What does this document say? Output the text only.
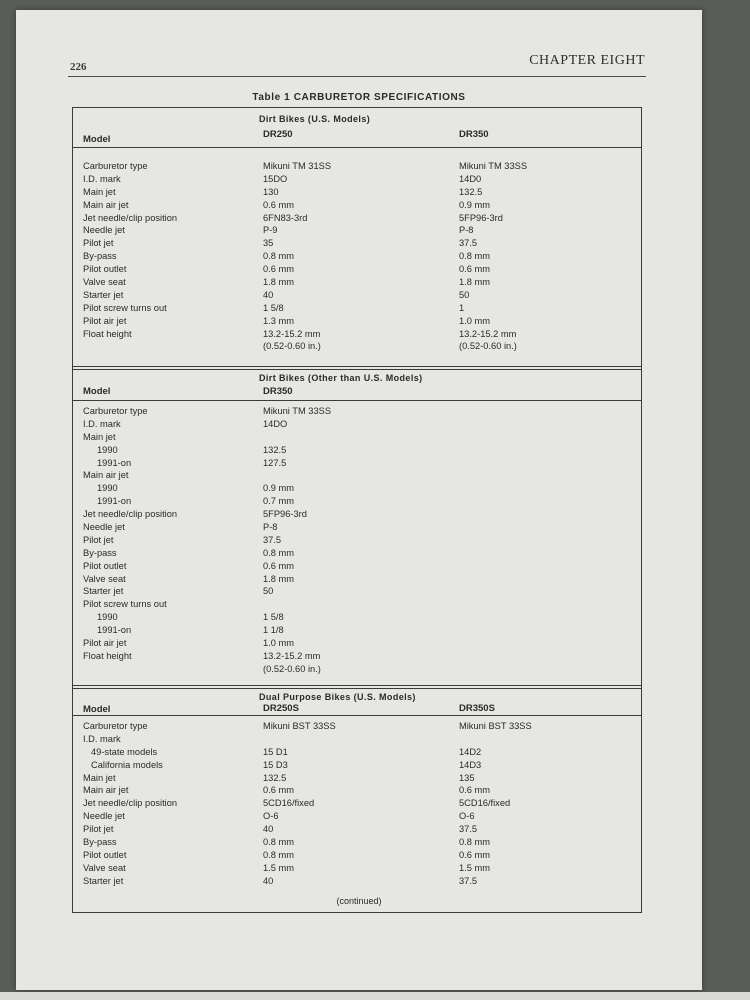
226	CHAPTER EIGHT
Table 1 CARBURETOR SPECIFICATIONS
Dirt Bikes (U.S. Models)
Model	DR250	DR350
Carburetor type	Mikuni TM 31SS	Mikuni TM 33SS
I.D. mark	15DO	14D0
Main jet	130	132.5
Main air jet	0.6 mm	0.9 mm
Jet needle/clip position	6FN83-3rd	5FP96-3rd
Needle jet	P-9	P-8
Pilot jet	35	37.5
By-pass	0.8 mm	0.8 mm
Pilot outlet	0.6 mm	0.6 mm
Valve seat	1.8 mm	1.8 mm
Starter jet	40	50
Pilot screw turns out	1 5/8	1
Pilot air jet	1.3 mm	1.0 mm
Float height	13.2-15.2 mm	13.2-15.2 mm
(0.52-0.60 in.)	(0.52-0.60 in.)
Dirt Bikes (Other than U.S. Models)
Model	DR350
Carburetor type	Mikuni TM 33SS
I.D. mark	14DO
Main jet
1990	132.5
1991-on	127.5
Main air jet
1990	0.9 mm
1991-on	0.7 mm
Jet needle/clip position	5FP96-3rd
Needle jet	P-8
Pilot jet	37.5
By-pass	0.8 mm
Pilot outlet	0.6 mm
Valve seat	1.8 mm
Starter jet	50
Pilot screw turns out
1990	1 5/8
1991-on	1 1/8
Pilot air jet	1.0 mm
Float height	13.2-15.2 mm
(0.52-0.60 in.)
Dual Purpose Bikes (U.S. Models)
Model	DR250S	DR350S
Carburetor type	Mikuni BST 33SS	Mikuni BST 33SS
I.D. mark
49-state models	15 D1	14D2
California models	15 D3	14D3
Main jet	132.5	135
Main air jet	0.6 mm	0.6 mm
Jet needle/clip position	5CD16/fixed	5CD16/fixed
Needle jet	O-6	O-6
Pilot jet	40	37.5
By-pass	0.8 mm	0.8 mm
Pilot outlet	0.8 mm	0.6 mm
Valve seat	1.5 mm	1.5 mm
Starter jet	40	37.5
(continued)
